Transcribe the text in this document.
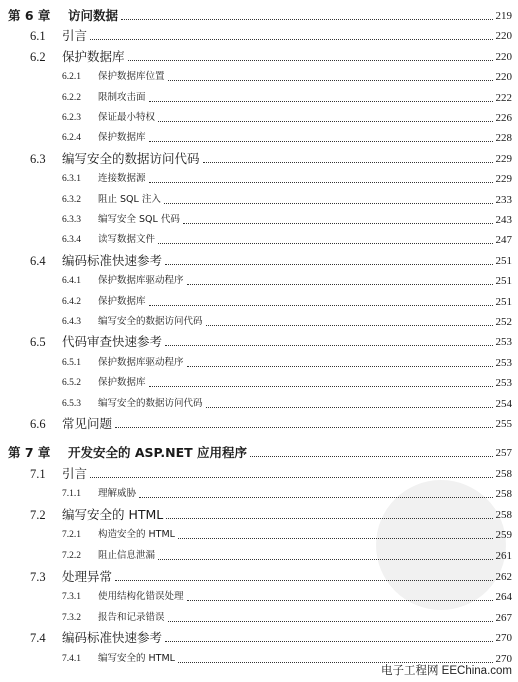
第 6 章 访问数据	219
6.1 引言	220
6.2 保护数据库	220
6.2.1 保护数据库位置	220
6.2.2 限制攻击面	222
6.2.3 保证最小特权	226
6.2.4 保护数据库	228
6.3 编写安全的数据访问代码	229
6.3.1 连接数据源	229
6.3.2 阻止 SQL 注入	233
6.3.3 编写安全 SQL 代码	243
6.3.4 读写数据文件	247
6.4 编码标准快速参考	251
6.4.1 保护数据库驱动程序	251
6.4.2 保护数据库	251
6.4.3 编写安全的数据访问代码	252
6.5 代码审查快速参考	253
6.5.1 保护数据库驱动程序	253
6.5.2 保护数据库	253
6.5.3 编写安全的数据访问代码	254
6.6 常见问题	255
第 7 章 开发安全的 ASP.NET 应用程序	257
7.1 引言	258
7.1.1 理解威胁	258
7.2 编写安全的 HTML	258
7.2.1 构造安全的 HTML	259
7.2.2 阻止信息泄漏	261
7.3 处理异常	262
7.3.1 使用结构化错误处理	264
7.3.2 报告和记录错误	267
7.4 编码标准快速参考	270
7.4.1 编写安全的 HTML	270
电子工程网 EEChina.com
